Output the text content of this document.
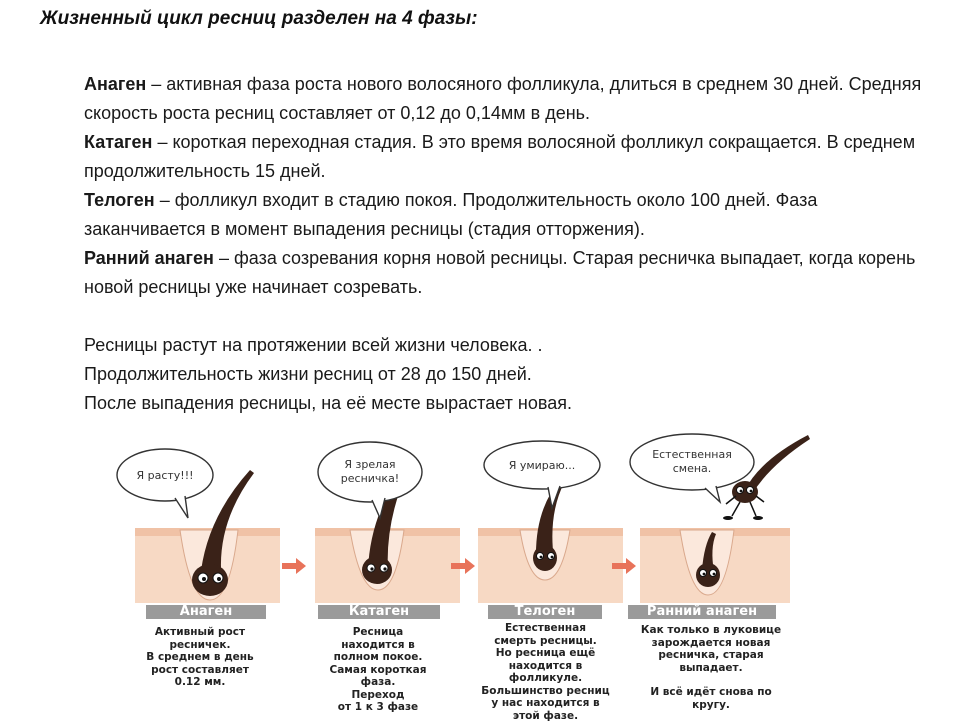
Жизненный цикл ресниц разделен на 4 фазы:

Анаген – активная фаза роста нового волосяного фолликула, длиться в среднем 30 дней. Средняя скорость роста ресниц составляет от 0,12 до 0,14мм в день.

Катаген – короткая переходная стадия. В это время волосяной фолликул сокращается. В среднем продолжительность 15 дней.

Телоген – фолликул входит в стадию покоя. Продолжительность около 100 дней. Фаза заканчивается в момент выпадения ресницы (стадия отторжения).

Ранний анаген – фаза созревания корня новой ресницы. Старая ресничка выпадает, когда корень новой ресницы уже начинает созревать.

Ресницы растут на протяжении всей жизни человека. .

Продолжительность жизни ресниц от 28 до 150 дней.

После выпадения ресницы, на её месте вырастает новая.

Я расту!!!
Я зрелая
ресничка!
Я умираю...
Естественная
смена.
Анаген	Катаген	Телоген	Ранний анаген

Активный рост

ресничек.

В среднем в день

рост составляет

0.12 мм.

Ресница

находится в

полном покое.

Самая короткая

фаза.

Переход

от 1 к 3 фазе

Естественная

смерть ресницы.

Но ресница ещё

находится в

фолликуле.

Большинство ресниц

у нас находится в

этой фазе.

Как только в луковице

зарождается новая

ресничка, старая

выпадает.

И всё идёт снова по

кругу.
